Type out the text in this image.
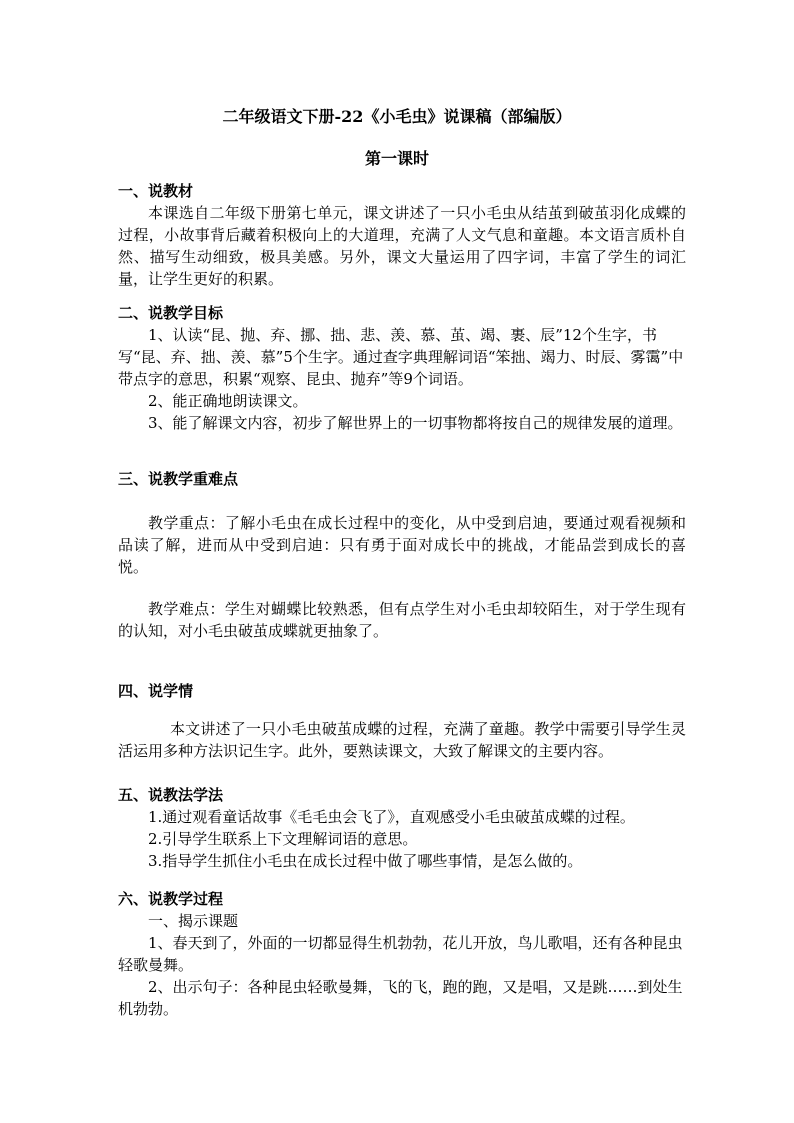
二年级语文下册-22《小毛虫》说课稿（部编版）
第一课时
一、说教材

本课选自二年级下册第七单元，课文讲述了一只小毛虫从结茧到破茧羽化成蝶的过程，小故事背后藏着积极向上的大道理，充满了人文气息和童趣。本文语言质朴自然、描写生动细致，极具美感。另外，课文大量运用了四字词，丰富了学生的词汇量，让学生更好的积累。

二、说教学目标

1、认读“昆、抛、弃、挪、拙、悲、羡、慕、茧、竭、裹、辰”12个生字，书写“昆、弃、拙、羡、慕”5个生字。通过查字典理解词语“笨拙、竭力、时辰、雾霭”中带点字的意思，积累“观察、昆虫、抛弃”等9个词语。

2、能正确地朗读课文。

3、能了解课文内容，初步了解世界上的一切事物都将按自己的规律发展的道理。

三、说教学重难点

教学重点：了解小毛虫在成长过程中的变化，从中受到启迪，要通过观看视频和品读了解，进而从中受到启迪：只有勇于面对成长中的挑战，才能品尝到成长的喜悦。

教学难点：学生对蝴蝶比较熟悉，但有点学生对小毛虫却较陌生，对于学生现有的认知，对小毛虫破茧成蝶就更抽象了。

四、说学情

本文讲述了一只小毛虫破茧成蝶的过程，充满了童趣。教学中需要引导学生灵活运用多种方法识记生字。此外，要熟读课文，大致了解课文的主要内容。

五、说教法学法

1.通过观看童话故事《毛毛虫会飞了》，直观感受小毛虫破茧成蝶的过程。

2.引导学生联系上下文理解词语的意思。

3.指导学生抓住小毛虫在成长过程中做了哪些事情，是怎么做的。

六、说教学过程

一、揭示课题

1、春天到了，外面的一切都显得生机勃勃，花儿开放，鸟儿歌唱，还有各种昆虫轻歌曼舞。

2、出示句子：各种昆虫轻歌曼舞，飞的飞，跑的跑，又是唱，又是跳……到处生机勃勃。
